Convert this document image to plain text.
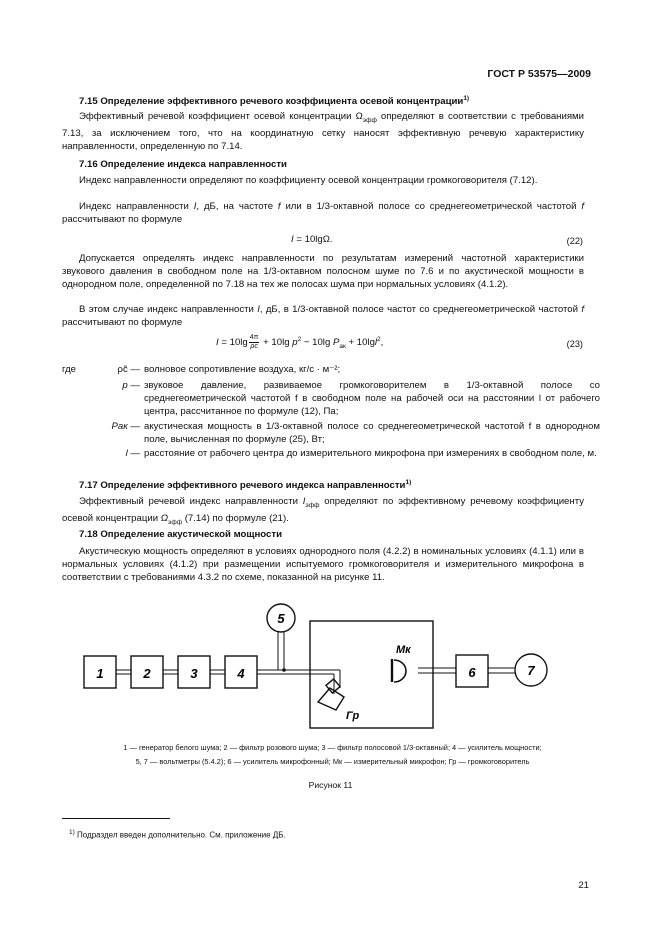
ГОСТ Р 53575—2009
7.15 Определение эффективного речевого коэффициента осевой концентрации$^{1)}$
Эффективный речевой коэффициент осевой концентрации $\Omega_{эфф}$ определяют в соответствии с требованиями 7.13, за исключением того, что на координатную сетку наносят эффективную речевую характеристику направленности, определенную по 7.14.
7.16 Определение индекса направленности
Индекс направленности определяют по коэффициенту осевой концентрации громкоговорителя (7.12).
Индекс направленности I, дБ, на частоте f или в 1/3-октавной полосе со среднегеометрической частотой f рассчитывают по формуле
I = 10lgΩ.	(22)
Допускается определять индекс направленности по результатам измерений частотной характеристики звукового давления в свободном поле на 1/3-октавном полосном шуме по 7.6 и по акустической мощности в однородном поле, определенной по 7.18 на тех же полосах шума при нормальных условиях (4.1.2).
В этом случае индекс направленности I, дБ, в 1/3-октавной полосе частот со среднегеометрической частотой f рассчитывают по формуле
$I = 10\lg \frac{4\pi}{\rho c} + 10\lg$ $p^2 - 10\lg$ $P_{ак} + 10\lg l^2$,	(23)
где	ρc̃ — волновое сопротивление воздуха, кг/с · м⁻²;
p — звуковое давление, развиваемое громкоговорителем в 1/3-октавной полосе со среднегеометрической частотой f в свободном поле на рабочей оси на расстоянии l от рабочего центра, рассчитанное по формуле (12), Па;
Pак — акустическая мощность в 1/3-октавной полосе со среднегеометрической частотой f в однородном поле, вычисленная по формуле (25), Вт;
l — расстояние от рабочего центра до измерительного микрофона при измерениях в свободном поле, м.
7.17 Определение эффективного речевого индекса направленности$^{1)}$
Эффективный речевой индекс направленности $I_{эфф}$ определяют по эффективному речевому коэффициенту осевой концентрации $\Omega_{эфф}$ (7.14) по формуле (21).
7.18 Определение акустической мощности
Акустическую мощность определяют в условиях однородного поля (4.2.2) в номинальных условиях (4.1.1) или в нормальных условиях (4.1.2) при размещении испытуемого громкоговорителя и измерительного микрофона в соответствии с требованиями 4.3.2 по схеме, показанной на рисунке 11.
1	2	3	4
5
Гр
Мк
6	7
1 — генератор белого шума; 2 — фильтр розового шума; 3 — фильтр полосовой 1/3-октавный; 4 — усилитель мощности;
5, 7 — вольтметры (5.4.2); 6 — усилитель микрофонный; Мк — измерительный микрофон; Гр — громкоговоритель
Рисунок 11
$^{1)}$ Подраздел введен дополнительно. См. приложение ДБ.
21
